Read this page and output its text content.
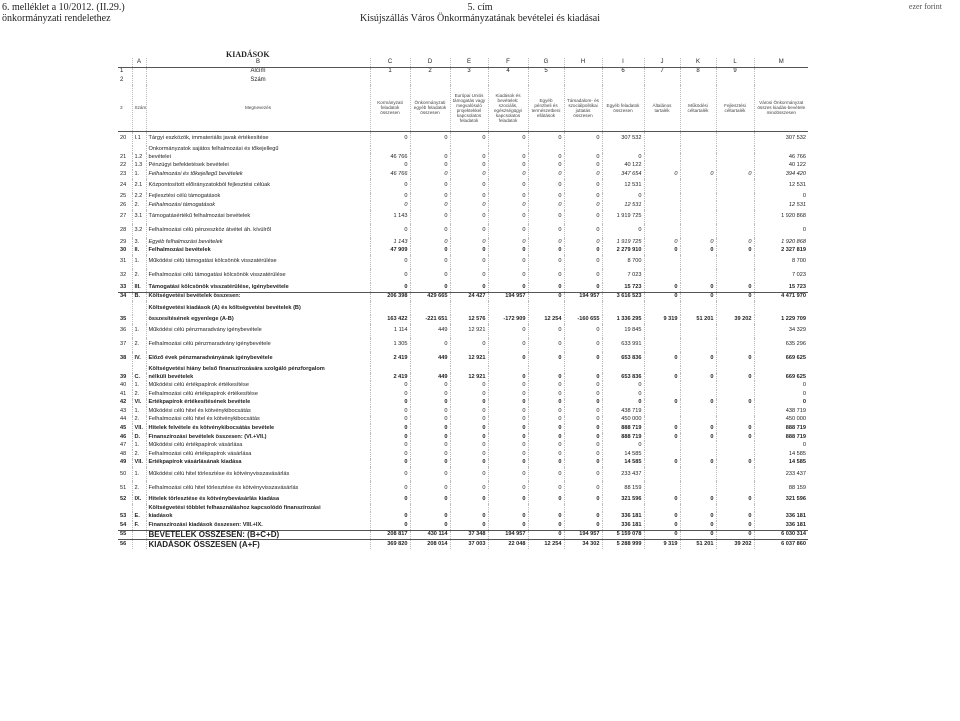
6. melléklet a 10/2012. (II.29.)
önkormányzati rendelethez
5. cím
Kisújszállás Város Önkormányzatának bevételei és kiadásai
ezer forint
KIADÁSOK
	A	B	C	D	E	F	G	H	I	J	K	L	M
1		Alcím	1	2	3	4	5		6	7	8	9	
2		Szám											
3	Szám	Megnevezés	Kormányzati feladatok összesen	Önkormányzati egyéb feladatok összesen	Európai Uniós támogatás vagy megvalósuló projektekkel kapcsolatos feladatok	Kiadások és bevételek: szociális, egészségügyi kapcsolatos feladatok	Egyéb pénzbeli és természetbeni ellátások	Társadalom- és szociálpolitikai juttatás összesen	Egyéb feladatok összesen	Általános tartalék	Működési céltartalék	Fejlesztési céltartalék	Városi Önkormányzat összes kiadás-bevétele mindösszesen
20	I.1	Tárgyi eszközök, immateriális javak értékesítése	0	0	0	0	0	0	307 532				307 532
		Önkormányzatok sajátos felhalmozási és tőkejellegű											
21	1.2	bevételei	46 766	0	0	0	0	0	0				46 766
22	1.3	Pénzügyi befektetések bevételei	0	0	0	0	0	0	40 122				40 122
23	1.	Felhalmozási és tőkejellegű bevételek	46 766	0	0	0	0	0	347 654	0	0	0	394 420
24	2.1	Központosított előirányzatokból fejlesztési célúak	0	0	0	0	0	0	12 531				12 531
25	2.2	Fejlesztési célú támogatások	0	0	0	0	0	0	0				0
26	2.	Felhalmozási támogatások	0	0	0	0	0	0	12 531				12 531
27	3.1	Támogatásértékű felhalmozási bevételek	1 143	0	0	0	0	0	1 919 725				1 920 868
28	3.2	Felhalmozási célú pénzeszköz átvétel áh. kívülről	0	0	0	0	0	0	0				0
29	3.	Egyéb felhalmozási bevételek	1 143	0	0	0	0	0	1 919 725	0	0	0	1 920 868
30	II.	Felhalmozási bevételek	47 909	0	0	0	0	0	2 279 910	0	0	0	2 327 819
31	1.	Működési célú támogatási kölcsönök visszatérülése	0	0	0	0	0	0	8 700				8 700
32	2.	Felhalmozási célú támogatási kölcsönök visszatérülése	0	0	0	0	0	0	7 023				7 023
33	III.	Támogatási kölcsönök visszatérülése, igénybevétele	0	0	0	0	0	0	15 723	0	0	0	15 723
34	B.	Költségvetési bevételek összesen:	206 398	429 665	24 427	194 957	0	194 957	3 616 523	0	0	0	4 471 970
		Költségvetési kiadások (A) és költségvetési bevételek (B)											
35		összesítésének egyenlege (A-B)	163 422	-221 651	12 576	-172 909	12 254	-160 655	1 336 295	9 319	51 201	39 202	1 229 709
36	1.	Működési célú pénzmaradvány igénybevétele	1 114	449	12 921	0	0	0	19 845				34 329
37	2.	Felhalmozási célú pénzmaradvány igénybevétele	1 305	0	0	0	0	0	633 991				635 296
38	IV.	Előző évek pénzmaradványának igénybevétele	2 419	449	12 921	0	0	0	653 836	0	0	0	669 625
		Költségvetési hiány belső finanszírozására szolgáló pénzforgalom											
39	C.	nélküli bevételek	2 419	449	12 921	0	0	0	653 836	0	0	0	669 625
40	1.	Működési célú értékpapírok értékesítése	0	0	0	0	0	0	0				0
41	2.	Felhalmozási célú értékpapírok értékesítése	0	0	0	0	0	0	0				0
42	VI.	Értékpapírok értékesítésének bevétele	0	0	0	0	0	0	0	0	0	0	0
43	1.	Működési célú hitel és kötvénykibocsátás	0	0	0	0	0	0	438 719				438 719
44	2.	Felhalmozási célú hitel és kötvénykibocsátás	0	0	0	0	0	0	450 000				450 000
45	VII.	Hitelek felvétele és kötvénykibocsátás bevétele	0	0	0	0	0	0	888 719	0	0	0	888 719
46	D.	Finanszírozási bevételek összesen: (VI.+VII.)	0	0	0	0	0	0	888 719	0	0	0	888 719
47	1.	Működési célú értékpapírok vásárlása	0	0	0	0	0	0	0				0
48	2.	Felhalmozási célú értékpapírok vásárlása	0	0	0	0	0	0	14 585				14 585
49	VII.	Értékpapírok vásárlásának kiadása	0	0	0	0	0	0	14 585	0	0	0	14 585
50	1.	Működési célú hitel törlesztése és kötvényvisszavásárlás	0	0	0	0	0	0	233 437				233 437
51	2.	Felhalmozási célú hitel törlesztése és kötvényvisszavásárlás	0	0	0	0	0	0	88 159				88 159
52	IX.	Hitelek törlesztése és kötvénybevásárlás kiadása	0	0	0	0	0	0	321 596	0	0	0	321 596
		Költségvetési többlet felhasználáshoz kapcsolódó finanszírozási											
53	E.	kiadások	0	0	0	0	0	0	336 181	0	0	0	336 181
54	F.	Finanszírozási kiadások összesen: VIII.+IX.	0	0	0	0	0	0	336 181	0	0	0	336 181
55		BEVÉTELEK ÖSSZESEN: (B+C+D)	208 817	430 114	37 348	194 957	0	194 957	5 159 078	0	0	0	6 030 314
56		KIADÁSOK ÖSSZESEN (A+F)	369 820	208 014	37 003	22 048	12 254	34 302	5 288 999	9 319	51 201	39 202	6 037 860
